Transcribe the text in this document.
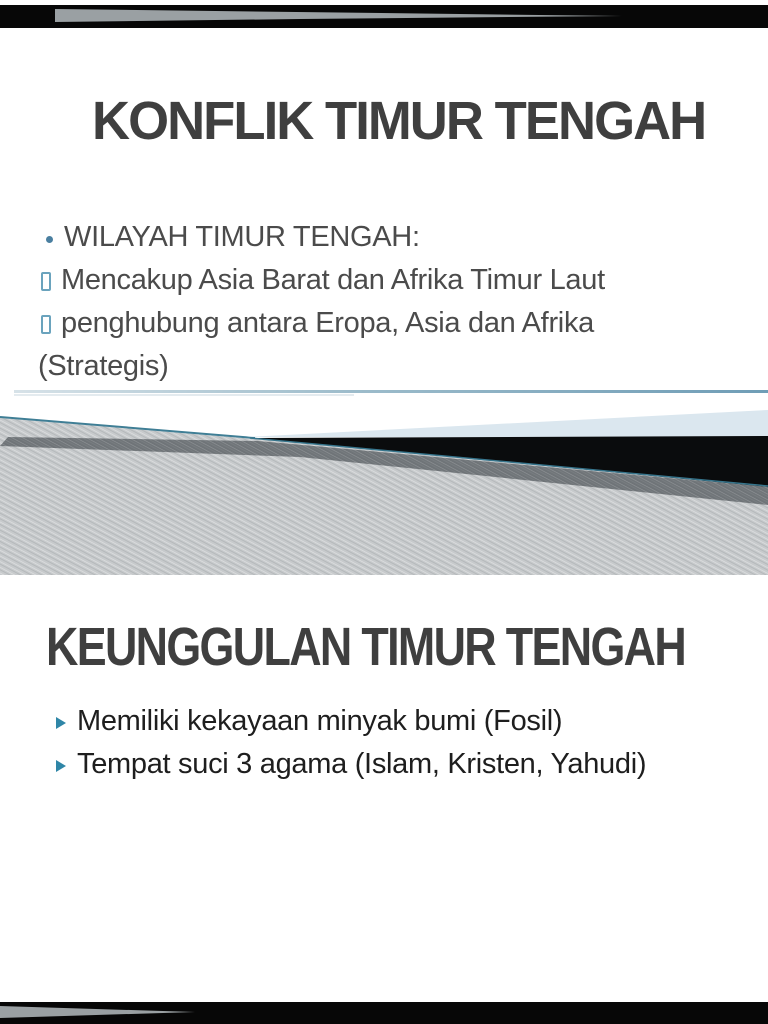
KONFLIK TIMUR TENGAH

WILAYAH TIMUR TENGAH:

Mencakup Asia Barat dan Afrika Timur Laut

penghubung antara Eropa, Asia dan Afrika
(Strategis)

KEUNGGULAN TIMUR TENGAH

Memiliki kekayaan minyak bumi (Fosil)

Tempat suci 3 agama (Islam, Kristen, Yahudi)
